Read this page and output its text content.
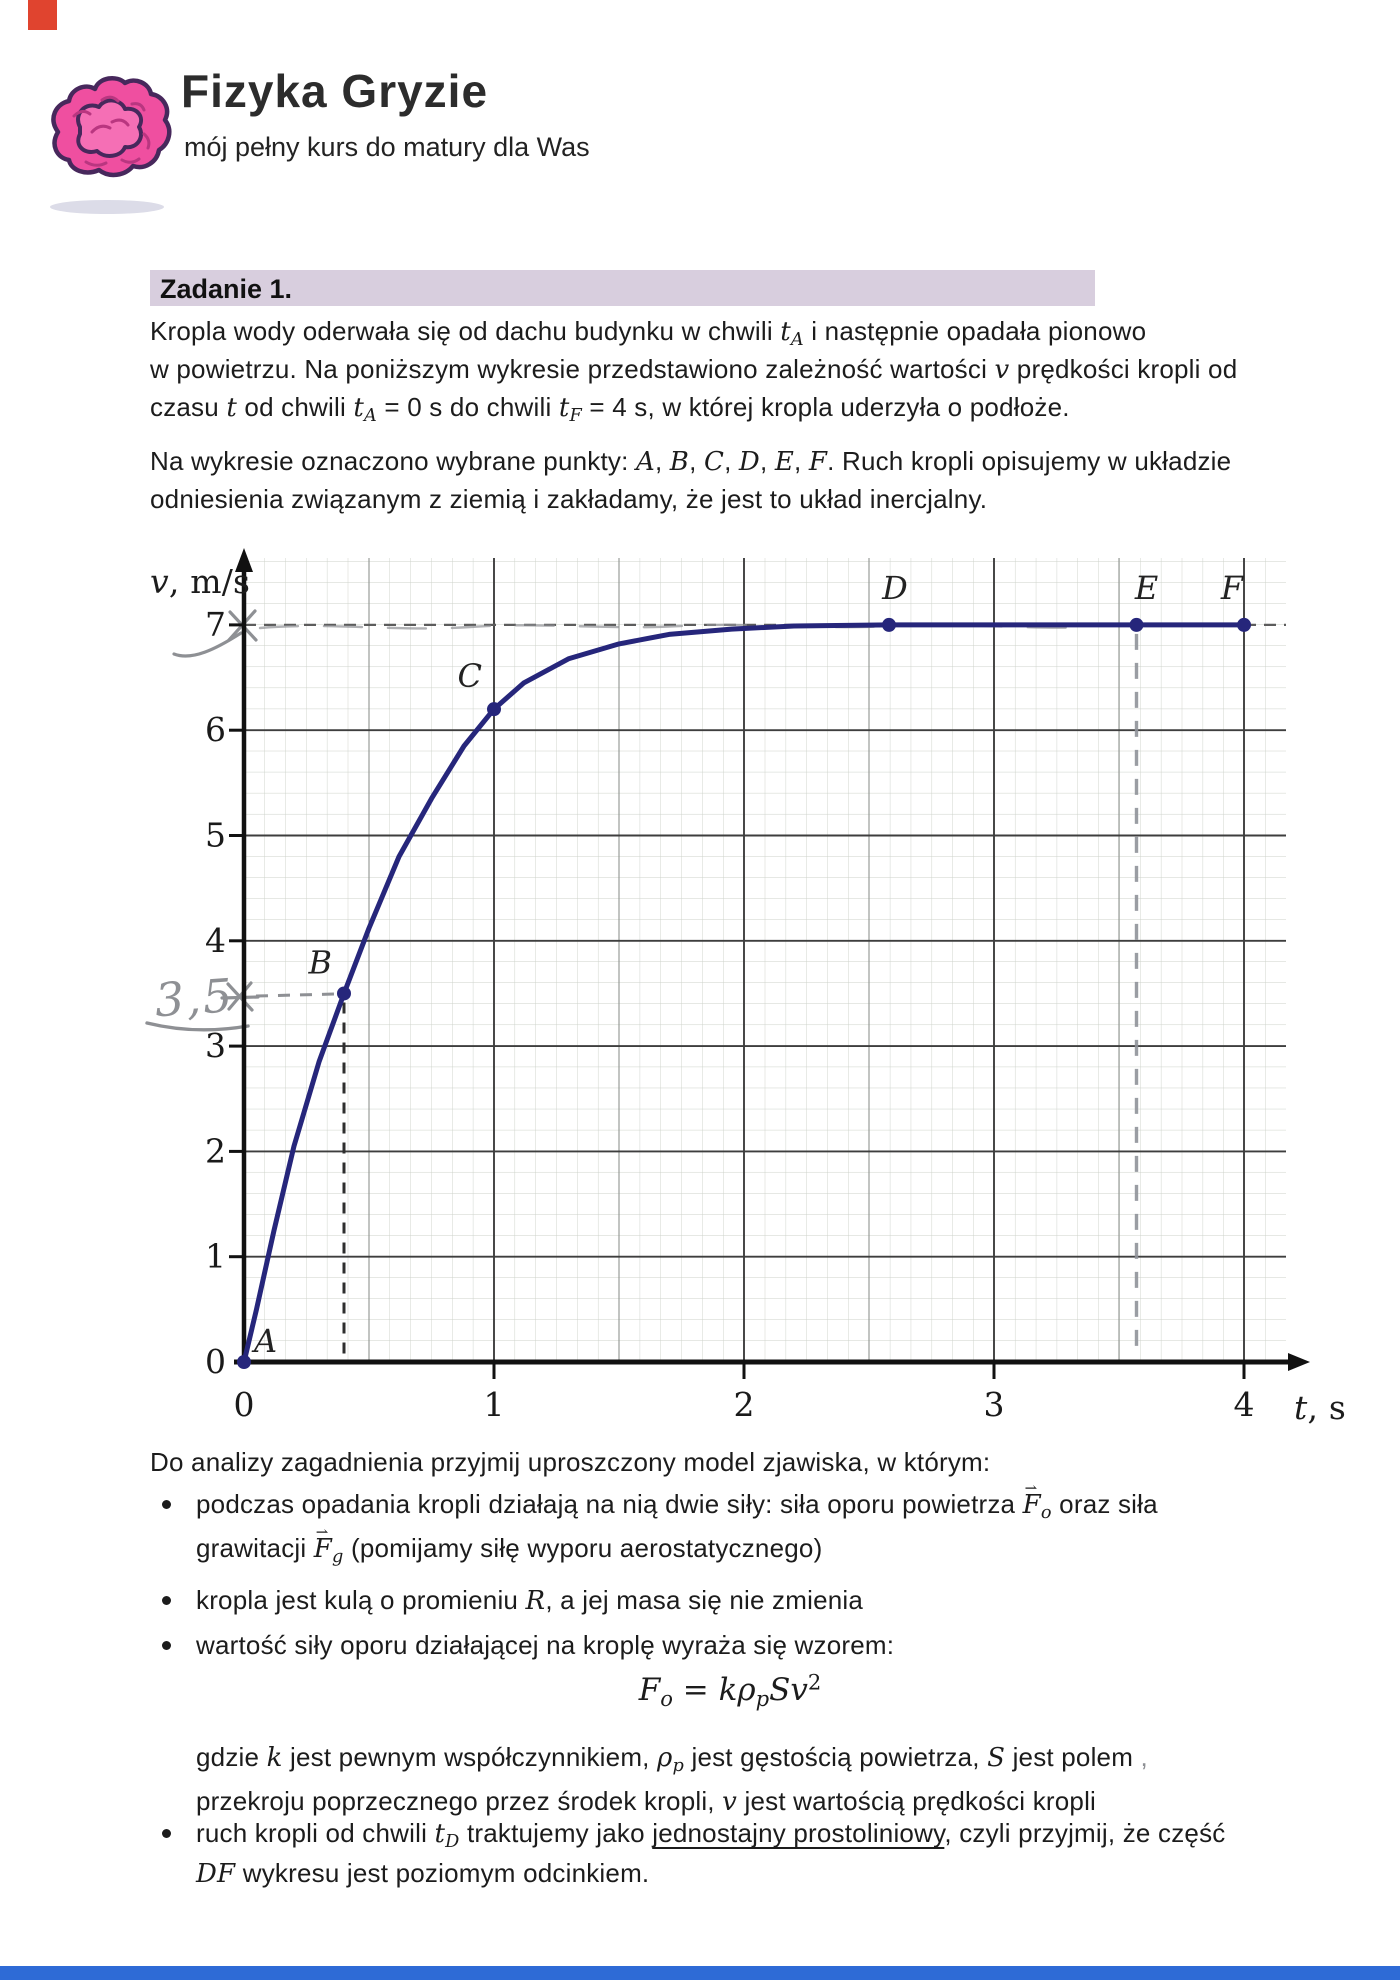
Fizyka Gryzie
mój pełny kurs do matury dla Was
Zadanie 1.
Kropla wody oderwała się od dachu budynku w chwili $t_A$ i następnie opadała pionowo
w powietrzu. Na poniższym wykresie przedstawiono zależność wartości v prędkości kropli od
czasu t od chwili $t_A = 0$ s do chwili $t_F = 4$ s, w której kropla uderzyła o podłoże.
Na wykresie oznaczono wybrane punkty: A, B, C, D, E, F. Ruch kropli opisujemy w układzie
odniesienia związanym z ziemią i zakładamy, że jest to układ inercjalny.
3,5
0	1	2	3	4
0
1
2
3
4
5
6
7
A
B
C
D	E F
v, m/s
t, s
Do analizy zagadnienia przyjmij uproszczony model zjawiska, w którym:
podczas opadania kropli działają na nią dwie siły: siła oporu powietrza F $⇀_o$ oraz siła
grawitacji F $⇀_g$ (pomijamy siłę wyporu aerostatycznego)
kropla jest kulą o promieniu R, a jej masa się nie zmienia
wartość siły oporu działającej na kroplę wyraża się wzorem:
$F_o = k\rho_pSv^2$
gdzie k jest pewnym współczynnikiem, $\rho_p$ jest gęstością powietrza, S jest polem ,
przekroju poprzecznego przez środek kropli, v jest wartością prędkości kropli
ruch kropli od chwili $t_D$ traktujemy jako jednostajny prostoliniowy, czyli przyjmij, że część
DF wykresu jest poziomym odcinkiem.
